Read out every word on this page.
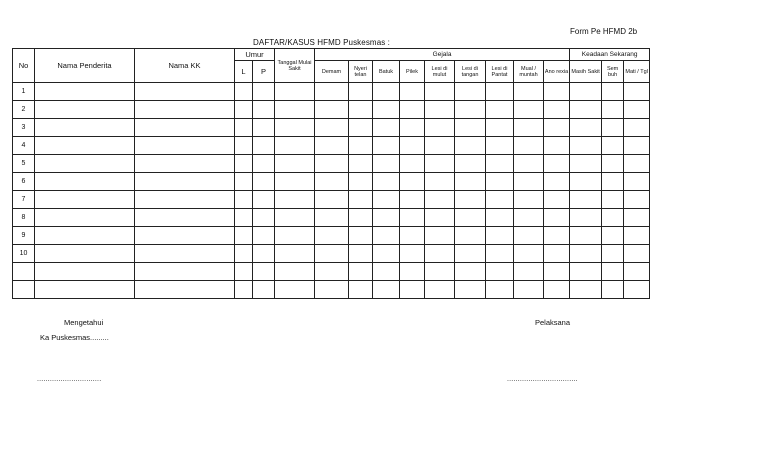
Form Pe HFMD 2b
DAFTAR/KASUS HFMD Puskesmas :
No	Nama Penderita	Nama KK	Umur		Tanggal Mulai Sakit	Gejala									Keadaan Sekarang		
			L	P		Demam	Nyeri telan	Batuk	Pilek	Lesi di mulut	Lesi di tangan	Lesi di Pantat	Mual / muntah	Ano rexia	Masih Sakit	Sem buh	Mati / Tgl
1																	
2																	
3																	
4																	
5																	
6																	
7																	
8																	
9																	
10																	

Mengetahui
Ka Puskesmas.........
Pelaksana
..............................	.................................
